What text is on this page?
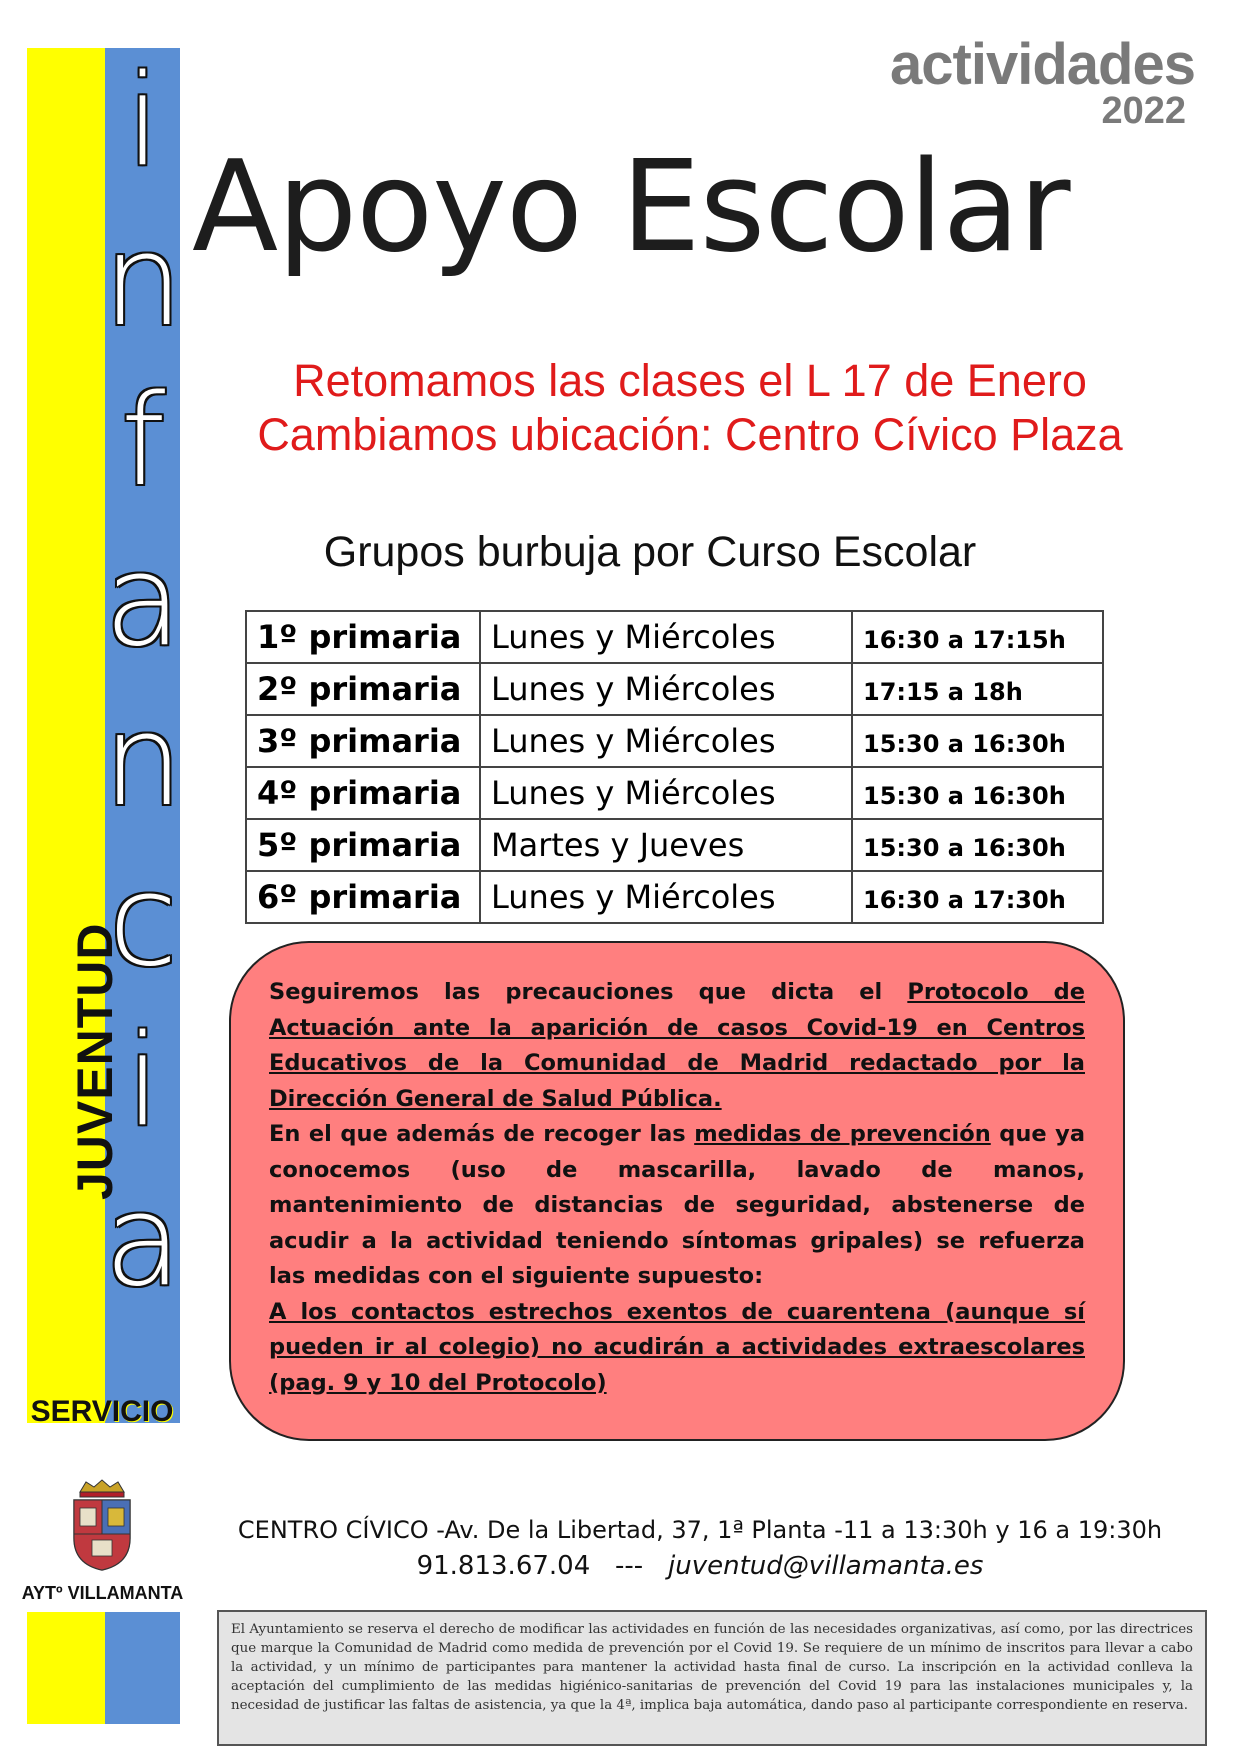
i
n
f
a
n
c
i
a
JUVENTUD
SERVICIO
AYTº VILLAMANTA
actividades
2022
Apoyo Escolar
Retomamos las clases el L 17 de Enero
Cambiamos ubicación: Centro Cívico Plaza
Grupos burbuja por Curso Escolar
1º primaria	Lunes y Miércoles	16:30 a 17:15h
2º primaria	Lunes y Miércoles	17:15 a 18h
3º primaria	Lunes y Miércoles	15:30 a 16:30h
4º primaria	Lunes y Miércoles	15:30 a 16:30h
5º primaria	Martes y Jueves	15:30 a 16:30h
6º primaria	Lunes y Miércoles	16:30 a 17:30h

Seguiremos las precauciones que dicta el Protocolo de Actuación ante la aparición de casos Covid-19 en Centros Educativos de la Comunidad de Madrid redactado por la Dirección General de Salud Pública.

En el que además de recoger las medidas de prevención que ya conocemos (uso de mascarilla, lavado de manos, mantenimiento de distancias de seguridad, abstenerse de acudir a la actividad teniendo síntomas gripales) se refuerza las medidas con el siguiente supuesto:

A los contactos estrechos exentos de cuarentena (aunque sí pueden ir al colegio) no acudirán a actividades extraescolares (pag. 9 y 10 del Protocolo)

CENTRO CÍVICO -Av. De la Libertad, 37, 1ª Planta -11 a 13:30h y 16 a 19:30h
91.813.67.04 --- juventud@villamanta.es

El Ayuntamiento se reserva el derecho de modificar las actividades en función de las necesidades organizativas, así como, por las directrices que marque la Comunidad de Madrid como medida de prevención por el Covid 19. Se requiere de un mínimo de inscritos para llevar a cabo la actividad, y un mínimo de participantes para mantener la actividad hasta final de curso. La inscripción en la actividad conlleva la aceptación del cumplimiento de las medidas higiénico-sanitarias de prevención del Covid 19 para las instalaciones municipales y, la necesidad de justificar las faltas de asistencia, ya que la 4ª, implica baja automática, dando paso al participante correspondiente en reserva.
